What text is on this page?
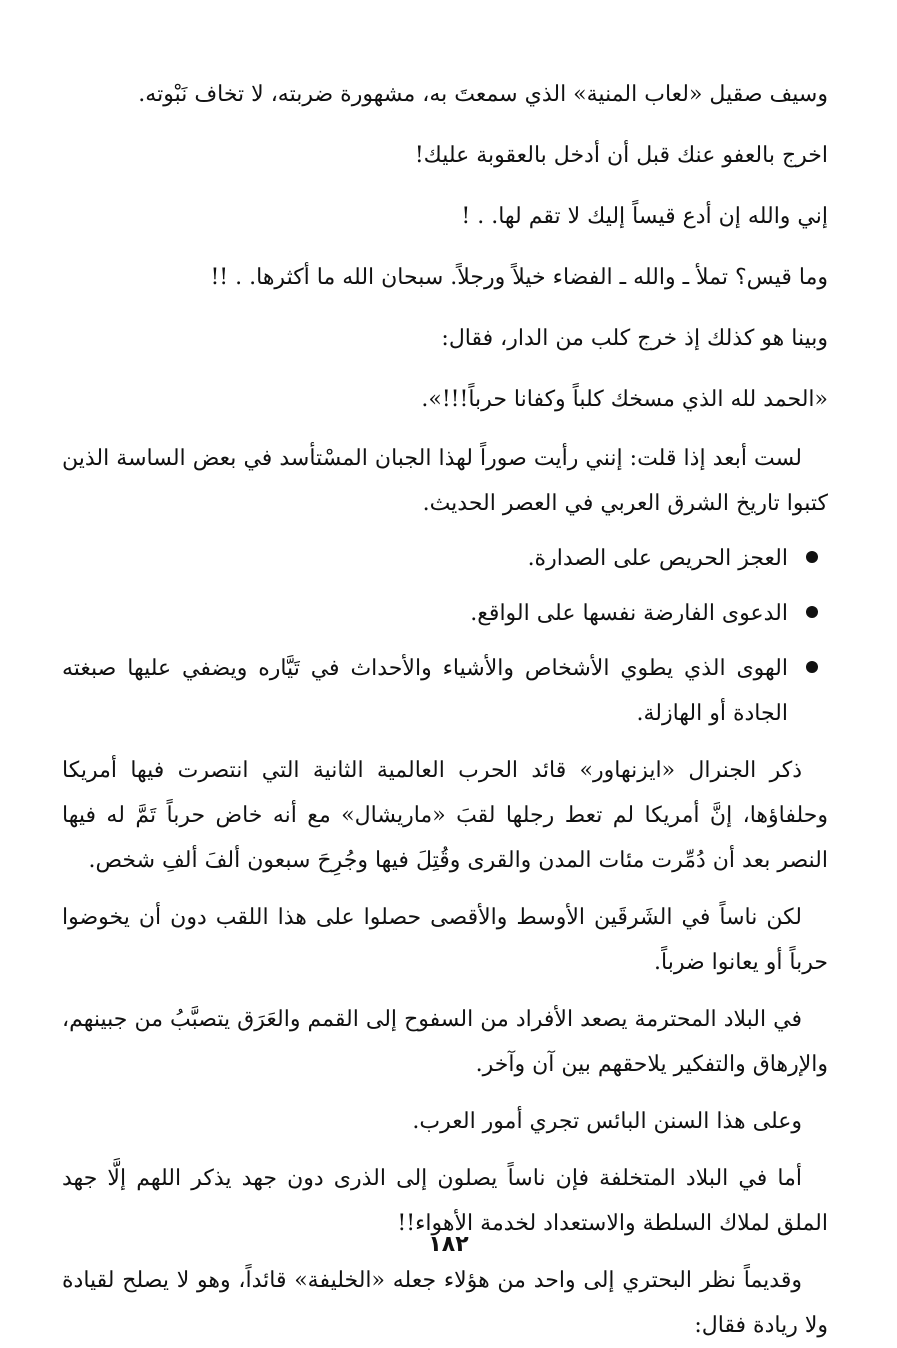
وسيف صقيل «لعاب المنية» الذي سمعتَ به، مشهورة ضربته، لا تخاف نَبْوته.

اخرج بالعفو عنك قبل أن أدخل بالعقوبة عليك!

إني والله إن أدع قيساً إليك لا تقم لها. . !

وما قيس؟ تملأ ـ والله ـ الفضاء خيلاً ورجلاً. سبحان الله ما أكثرها. . !!

وبينا هو كذلك إذ خرج كلب من الدار، فقال:

«الحمد لله الذي مسخك كلباً وكفانا حرباً!!!».

لست أبعد إذا قلت: إنني رأيت صوراً لهذا الجبان المسْتأسد في بعض الساسة الذين كتبوا تاريخ الشرق العربي في العصر الحديث.

العجز الحريص على الصدارة.
الدعوى الفارضة نفسها على الواقع.
الهوى الذي يطوي الأشخاص والأشياء والأحداث في تَيَّاره ويضفي عليها صبغته الجادة أو الهازلة.

ذكر الجنرال «ايزنهاور» قائد الحرب العالمية الثانية التي انتصرت فيها أمريكا وحلفاؤها، إنَّ أمريكا لم تعط رجلها لقبَ «ماريشال» مع أنه خاض حرباً تَمَّ له فيها النصر بعد أن دُمِّرت مئات المدن والقرى وقُتِلَ فيها وجُرِحَ سبعون ألفَ ألفِ شخص.

لكن ناساً في الشَرقَين الأوسط والأقصى حصلوا على هذا اللقب دون أن يخوضوا حرباً أو يعانوا ضرباً.

في البلاد المحترمة يصعد الأفراد من السفوح إلى القمم والعَرَق يتصبَّبُ من جبينهم، والإرهاق والتفكير يلاحقهم بين آن وآخر.

وعلى هذا السنن البائس تجري أمور العرب.

أما في البلاد المتخلفة فإن ناساً يصلون إلى الذرى دون جهد يذكر اللهم إلَّا جهد الملق لملاك السلطة والاستعداد لخدمة الأهواء!!

وقديماً نظر البحتري إلى واحد من هؤلاء جعله «الخليفة» قائداً، وهو لا يصلح لقيادة ولا ريادة فقال:

١٨٢
